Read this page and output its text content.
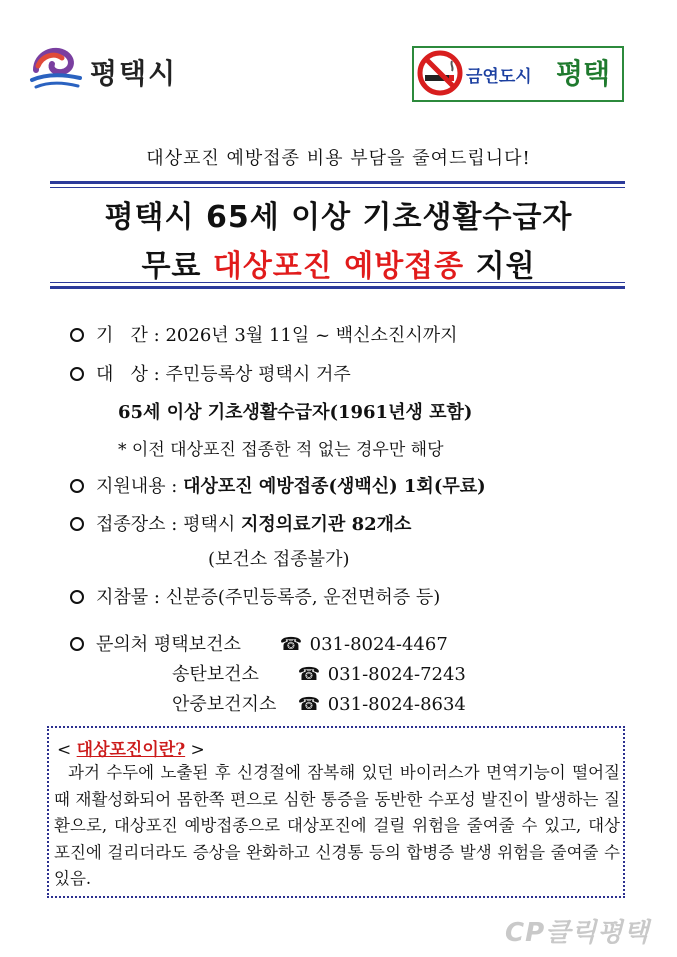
평택시	금연도시 평택
대상포진 예방접종 비용 부담을 줄여드립니다!
평택시 65세 이상 기초생활수급자
무료 대상포진 예방접종 지원
기   간 : 2026년 3월 11일 ~ 백신소진시까지
대   상 : 주민등록상 평택시 거주
65세 이상 기초생활수급자(1961년생 포함)
* 이전 대상포진 접종한 적 없는 경우만 해당
지원내용 : 대상포진 예방접종(생백신) 1회(무료)
접종장소 : 평택시 지정의료기관 82개소
(보건소 접종불가)
지참물 : 신분증(주민등록증, 운전면허증 등)
문의처 평택보건소 ☎ 031-8024-4467
송탄보건소 ☎ 031-8024-7243
안중보건지소 ☎ 031-8024-8634
< 대상포진이란? >
과거 수두에 노출된 후 신경절에 잠복해 있던 바이러스가 면역기능이 떨어질 때 재활성화되어 몸한쪽 편으로 심한 통증을 동반한 수포성 발진이 발생하는 질환으로, 대상포진 예방접종으로 대상포진에 걸릴 위험을 줄여줄 수 있고, 대상포진에 걸리더라도 증상을 완화하고 신경통 등의 합병증 발생 위험을 줄여줄 수 있음.
CP클릭평택
